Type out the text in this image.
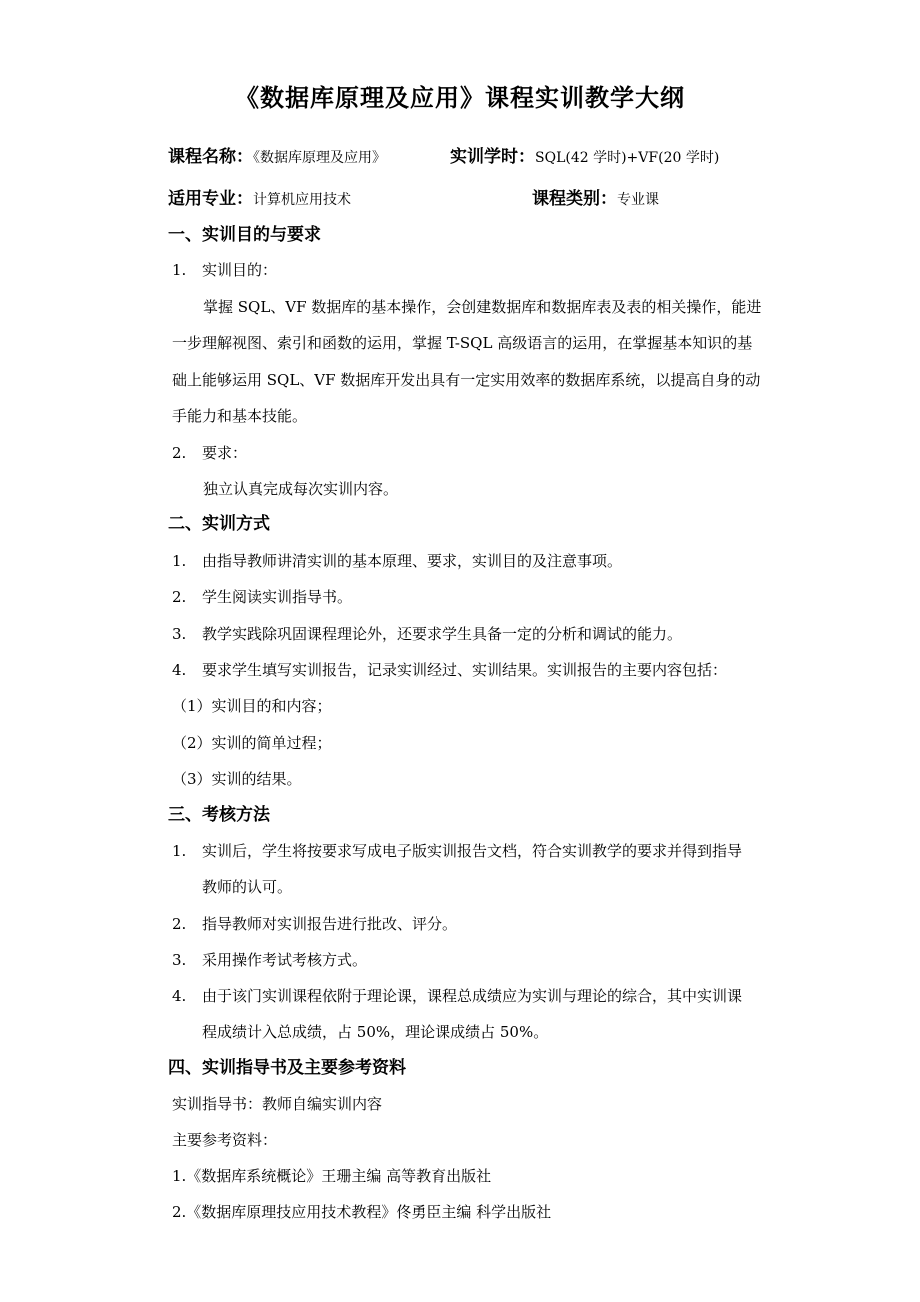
《数据库原理及应用》课程实训教学大纲
课程名称：《数据库原理及应用》	实训学时：SQL(42 学时)+VF(20 学时)
适用专业：计算机应用技术	课程类别：专业课
一、实训目的与要求
1. 实训目的：
掌握 SQL、VF 数据库的基本操作，会创建数据库和数据库表及表的相关操作，能进
一步理解视图、索引和函数的运用，掌握 T-SQL 高级语言的运用，在掌握基本知识的基
础上能够运用 SQL、VF 数据库开发出具有一定实用效率的数据库系统，以提高自身的动
手能力和基本技能。
2. 要求：
独立认真完成每次实训内容。
二、实训方式
1. 由指导教师讲清实训的基本原理、要求，实训目的及注意事项。
2. 学生阅读实训指导书。
3. 教学实践除巩固课程理论外，还要求学生具备一定的分析和调试的能力。
4. 要求学生填写实训报告，记录实训经过、实训结果。实训报告的主要内容包括：
（1）实训目的和内容；
（2）实训的简单过程；
（3）实训的结果。
三、考核方法
1. 实训后，学生将按要求写成电子版实训报告文档，符合实训教学的要求并得到指导
教师的认可。
2. 指导教师对实训报告进行批改、评分。
3. 采用操作考试考核方式。
4. 由于该门实训课程依附于理论课，课程总成绩应为实训与理论的综合，其中实训课
程成绩计入总成绩，占 50%，理论课成绩占 50%。
四、实训指导书及主要参考资料
实训指导书：教师自编实训内容
主要参考资料：
1.《数据库系统概论》王珊主编 高等教育出版社
2.《数据库原理技应用技术教程》佟勇臣主编 科学出版社
